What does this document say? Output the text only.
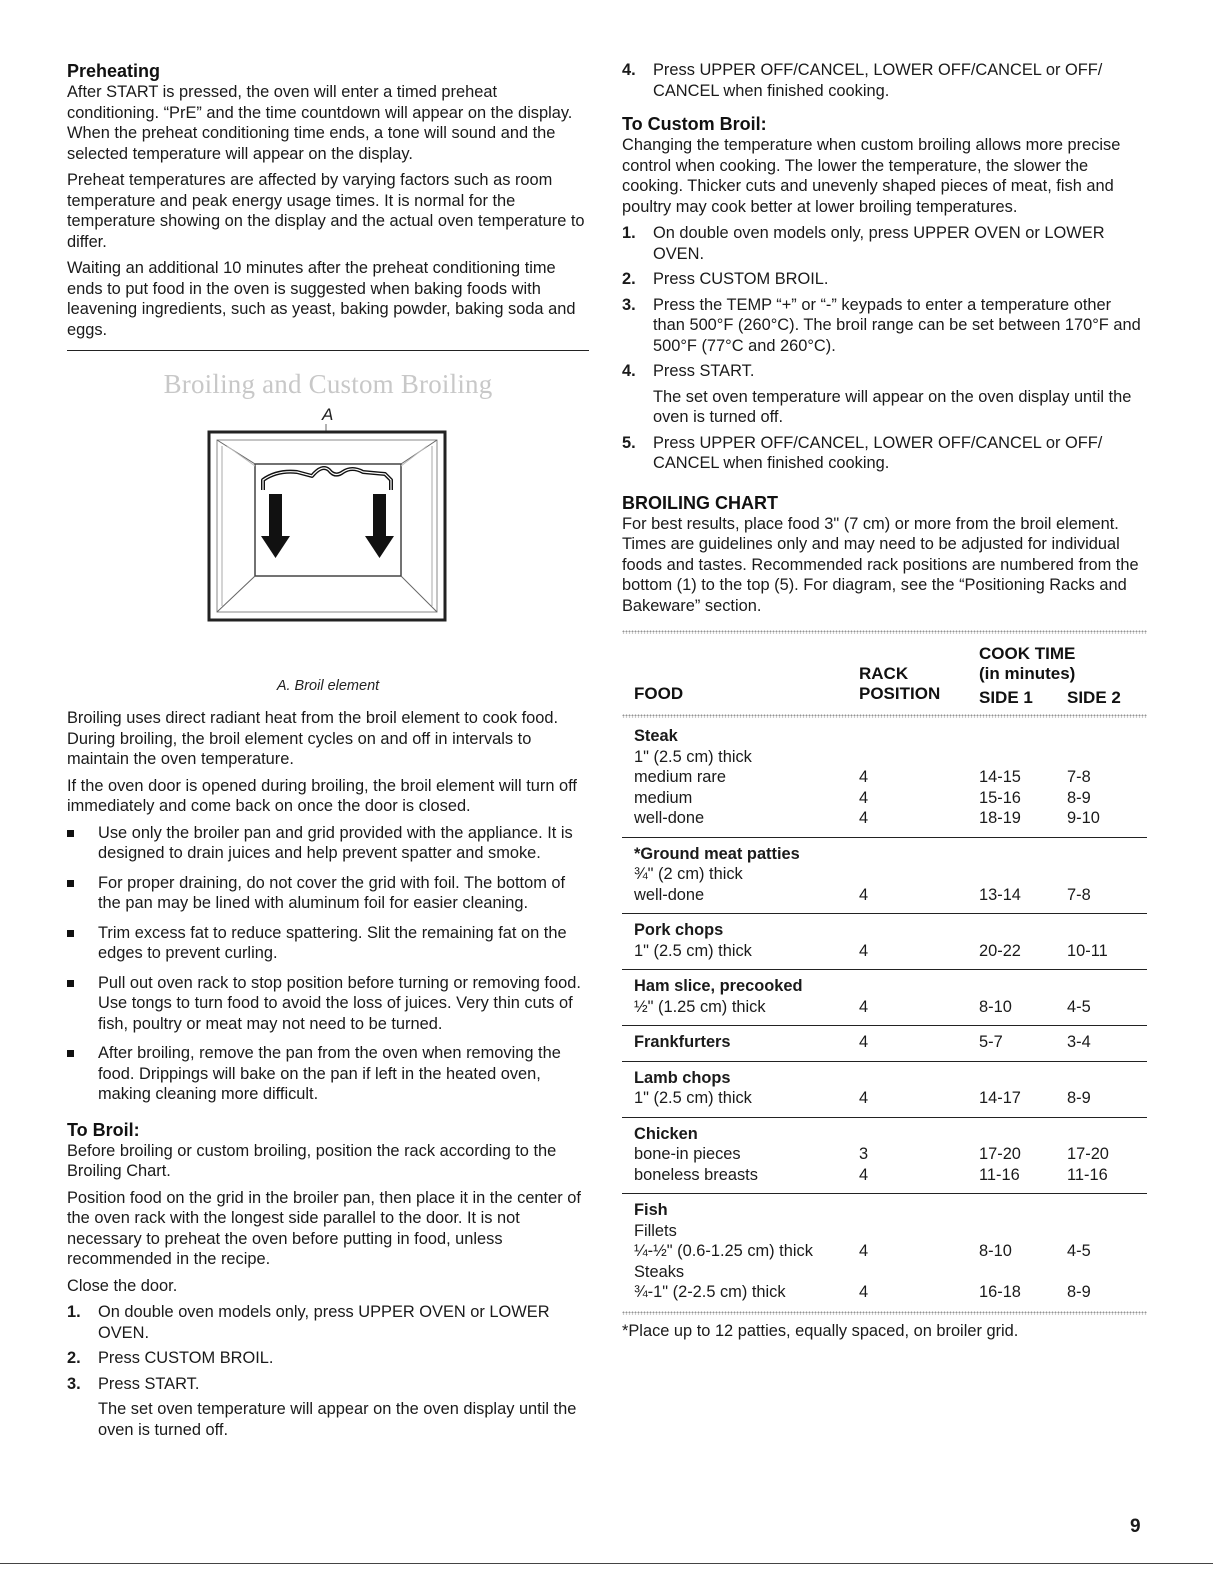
Preheating

After START is pressed, the oven will enter a timed preheat conditioning. “PrE” and the time countdown will appear on the display. When the preheat conditioning time ends, a tone will sound and the selected temperature will appear on the display.

Preheat temperatures are affected by varying factors such as room temperature and peak energy usage times. It is normal for the temperature showing on the display and the actual oven temperature to differ.

Waiting an additional 10 minutes after the preheat conditioning time ends to put food in the oven is suggested when baking foods with leavening ingredients, such as yeast, baking powder, baking soda and eggs.

Broiling and Custom Broiling
A
A. Broil element

Broiling uses direct radiant heat from the broil element to cook food. During broiling, the broil element cycles on and off in intervals to maintain the oven temperature.

If the oven door is opened during broiling, the broil element will turn off immediately and come back on once the door is closed.

Use only the broiler pan and grid provided with the appliance. It is designed to drain juices and help prevent spatter and smoke.
For proper draining, do not cover the grid with foil. The bottom of the pan may be lined with aluminum foil for easier cleaning.
Trim excess fat to reduce spattering. Slit the remaining fat on the edges to prevent curling.
Pull out oven rack to stop position before turning or removing food. Use tongs to turn food to avoid the loss of juices. Very thin cuts of fish, poultry or meat may not need to be turned.
After broiling, remove the pan from the oven when removing the food. Drippings will bake on the pan if left in the heated oven, making cleaning more difficult.
To Broil:

Before broiling or custom broiling, position the rack according to the Broiling Chart.

Position food on the grid in the broiler pan, then place it in the center of the oven rack with the longest side parallel to the door. It is not necessary to preheat the oven before putting in food, unless recommended in the recipe.

Close the door.

1. On double oven models only, press UPPER OVEN or LOWER OVEN.
2. Press CUSTOM BROIL.
3. Press START.
The set oven temperature will appear on the oven display until the oven is turned off.
4. Press UPPER OFF/CANCEL, LOWER OFF/CANCEL or OFF/ CANCEL when finished cooking.
To Custom Broil:

Changing the temperature when custom broiling allows more precise control when cooking. The lower the temperature, the slower the cooking. Thicker cuts and unevenly shaped pieces of meat, fish and poultry may cook better at lower broiling temperatures.

1. On double oven models only, press UPPER OVEN or LOWER OVEN.
2. Press CUSTOM BROIL.
3. Press the TEMP “+” or “-” keypads to enter a temperature other than 500°F (260°C). The broil range can be set between 170°F and 500°F (77°C and 260°C).
4. Press START.
The set oven temperature will appear on the oven display until the oven is turned off.
5. Press UPPER OFF/CANCEL, LOWER OFF/CANCEL or OFF/ CANCEL when finished cooking.
BROILING CHART

For best results, place food 3" (7 cm) or more from the broil element. Times are guidelines only and may need to be adjusted for individual foods and tastes. Recommended rack positions are numbered from the bottom (1) to the top (5). For diagram, see the “Positioning Racks and Bakeware” section.

FOOD
RACK
POSITION
COOK TIME
(in minutes)
SIDE 1 SIDE 2
Steak
1" (2.5 cm) thick
medium rare	4	14-15	7-8
medium	4	15-16	8-9
well-done	4	18-19	9-10
*Ground meat patties
¾" (2 cm) thick
well-done	4	13-14	7-8
Pork chops
1" (2.5 cm) thick	4	20-22	10-11
Ham slice, precooked
½" (1.25 cm) thick	4	8-10	4-5
Frankfurters	4	5-7	3-4
Lamb chops
1" (2.5 cm) thick	4	14-17	8-9
Chicken
bone-in pieces	3	17-20	17-20
boneless breasts	4	11-16	11-16
Fish
Fillets
¼-½" (0.6-1.25 cm) thick	4	8-10	4-5
Steaks
¾-1" (2-2.5 cm) thick	4	16-18	8-9
*Place up to 12 patties, equally spaced, on broiler grid.
9
